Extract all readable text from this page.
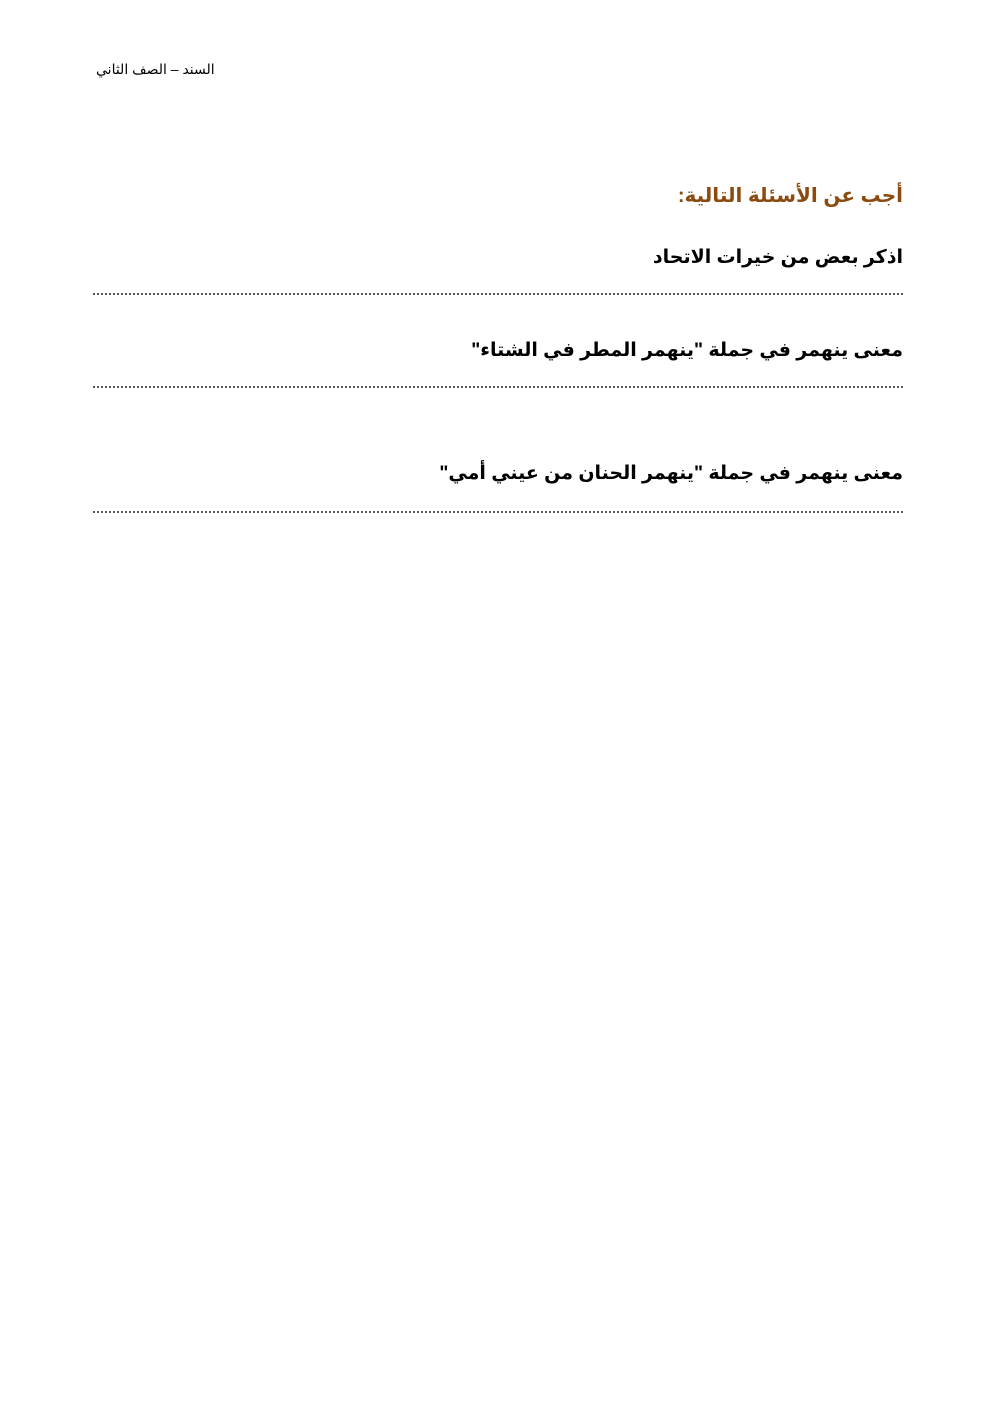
السند – الصف الثاني
أجب عن الأسئلة التالية:
اذكر بعض من خيرات الاتحاد
معنى ينهمر في جملة "ينهمر المطر في الشتاء"
معنى ينهمر في جملة "ينهمر الحنان من عيني أمي"
